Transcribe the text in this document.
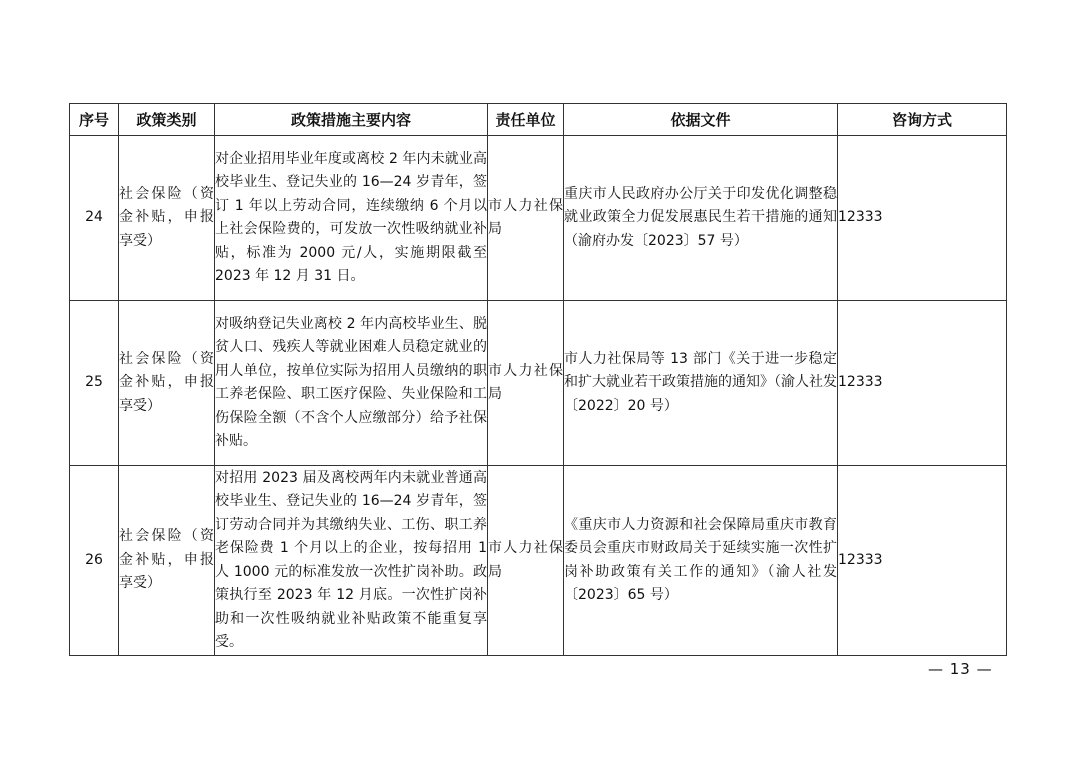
序号	政策类别	政策措施主要内容	责任单位	依据文件	咨询方式
24	社会保险（资金补贴，申报享受）	对企业招用毕业年度或离校 2 年内未就业高校毕业生、登记失业的 16—24 岁青年，签订 1 年以上劳动合同，连续缴纳 6 个月以上社会保险费的，可发放一次性吸纳就业补贴，标准为 2000 元/人，实施期限截至 2023 年 12 月 31 日。	市人力社保局	重庆市人民政府办公厅关于印发优化调整稳就业政策全力促发展惠民生若干措施的通知（渝府办发〔2023〕57 号）	12333
25	社会保险（资金补贴，申报享受）	对吸纳登记失业离校 2 年内高校毕业生、脱贫人口、残疾人等就业困难人员稳定就业的用人单位，按单位实际为招用人员缴纳的职工养老保险、职工医疗保险、失业保险和工伤保险全额（不含个人应缴部分）给予社保补贴。	市人力社保局	市人力社保局等 13 部门《关于进一步稳定和扩大就业若干政策措施的通知》（渝人社发〔2022〕20 号）	12333
26	社会保险（资金补贴，申报享受）	对招用 2023 届及离校两年内未就业普通高校毕业生、登记失业的 16—24 岁青年，签订劳动合同并为其缴纳失业、工伤、职工养老保险费 1 个月以上的企业，按每招用 1 人 1000 元的标准发放一次性扩岗补助。政策执行至 2023 年 12 月底。一次性扩岗补助和一次性吸纳就业补贴政策不能重复享受。	市人力社保局	《重庆市人力资源和社会保障局重庆市教育委员会重庆市财政局关于延续实施一次性扩岗补助政策有关工作的通知》（渝人社发〔2023〕65 号）	12333
— 13 —
